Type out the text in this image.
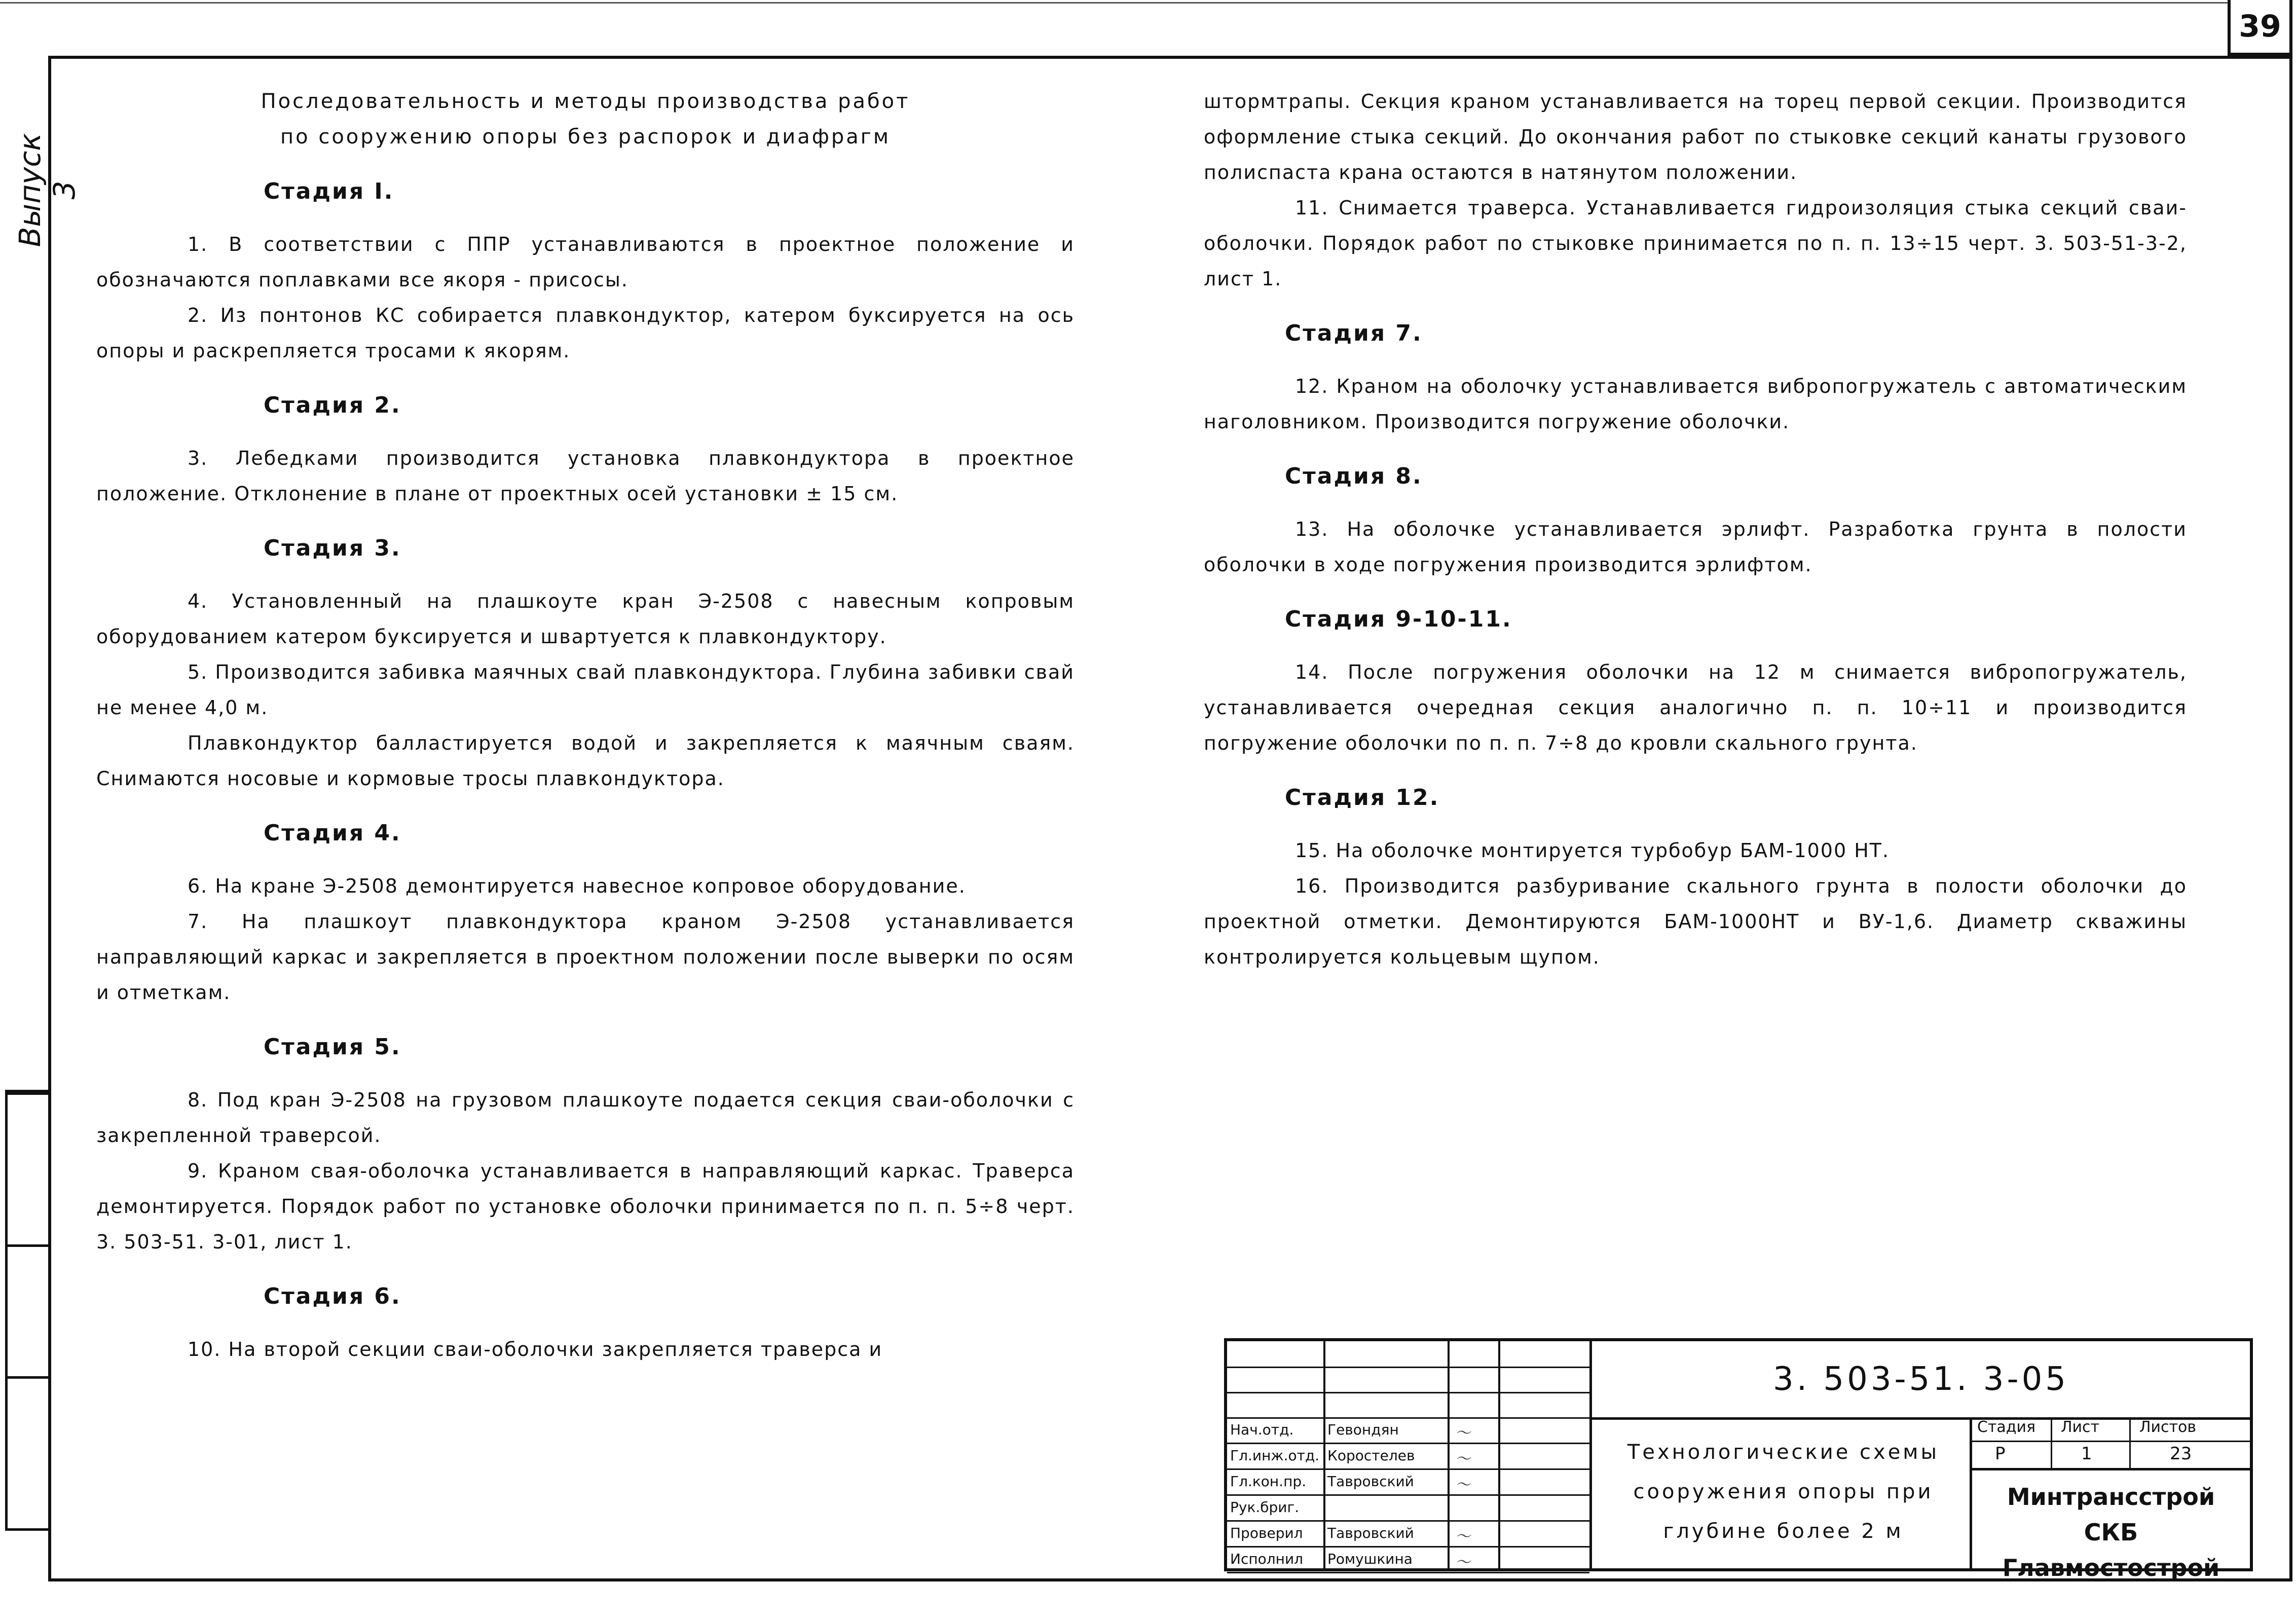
39
Выпуск 3

Последовательность и методы производства работ

по сооружению опоры без распорок и диафрагм

Стадия I.

1. В соответствии с ППР устанавливаются в проектное положение и обозначаются поплавками все якоря - присосы.

2. Из понтонов КС собирается плавкондуктор, катером буксируется на ось опоры и раскрепляется тросами к якорям.

Стадия 2.

3. Лебедками производится установка плавкондуктора в проектное положение. Отклонение в плане от проектных осей установки ± 15 см.

Стадия 3.

4. Установленный на плашкоуте кран Э-2508 с навесным копровым оборудованием катером буксируется и швартуется к плавкондуктору.

5. Производится забивка маячных свай плавкондуктора. Глубина забивки свай не менее 4,0 м.

Плавкондуктор балластируется водой и закрепляется к маячным сваям. Снимаются носовые и кормовые тросы плавкондуктора.

Стадия 4.

6. На кране Э-2508 демонтируется навесное копровое оборудование.

7. На плашкоут плавкондуктора краном Э-2508 устанавливается направляющий каркас и закрепляется в проектном положении после выверки по осям и отметкам.

Стадия 5.

8. Под кран Э-2508 на грузовом плашкоуте подается секция сваи-оболочки с закрепленной траверсой.

9. Краном свая-оболочка устанавливается в направляющий каркас. Траверса демонтируется. Порядок работ по установке оболочки принимается по п. п. 5÷8 черт. 3. 503-51. 3-01, лист 1.

Стадия 6.

10. На второй секции сваи-оболочки закрепляется траверса и

штормтрапы. Секция краном устанавливается на торец первой секции. Производится оформление стыка секций. До окончания работ по стыковке секций канаты грузового полиспаста крана остаются в натянутом положении.

11. Снимается траверса. Устанавливается гидроизоляция стыка секций сваи-оболочки. Порядок работ по стыковке принимается по п. п. 13÷15 черт. 3. 503-51-3-2, лист 1.

Стадия 7.

12. Краном на оболочку устанавливается вибропогружатель с автоматическим наголовником. Производится погружение оболочки.

Стадия 8.

13. На оболочке устанавливается эрлифт. Разработка грунта в полости оболочки в ходе погружения производится эрлифтом.

Стадия 9-10-11.

14. После погружения оболочки на 12 м снимается вибропогружатель, устанавливается очередная секция аналогично п. п. 10÷11 и производится погружение оболочки по п. п. 7÷8 до кровли скального грунта.

Стадия 12.

15. На оболочке монтируется турбобур БАМ-1000 НТ.

16. Производится разбуривание скального грунта в полости оболочки до проектной отметки. Демонтируются БАМ-1000НТ и ВУ-1,6. Диаметр скважины контролируется кольцевым щупом.

Нач.отд. Гевондян	〜
Гл.инж.отд. Коростелев	〜
Гл.кон.пр. Тавровский	〜
Рук.бриг.
Проверил Тавровский	〜
Исполнил Ромушкина	〜
3. 503-51. 3-05
Технологические схемы
сооружения опоры при
глубине более 2 м
Стадия Лист	Листов
Р	1	23
Минтрансстрой
СКБ Главмостострой
